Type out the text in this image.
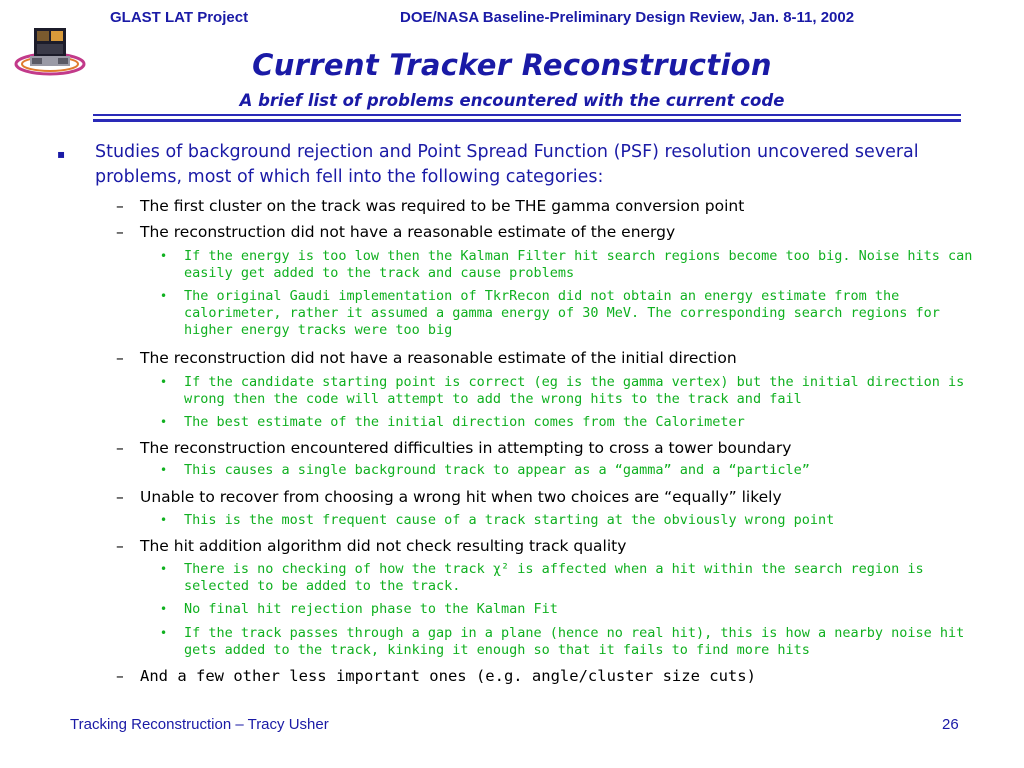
GLAST LAT Project	DOE/NASA Baseline-Preliminary Design Review, Jan. 8-11, 2002
Current Tracker Reconstruction
A brief list of problems encountered with the current code
▪ Studies of background rejection and Point Spread Function (PSF) resolution uncovered several problems, most of which fell into the following categories:
– The first cluster on the track was required to be THE gamma conversion point
– The reconstruction did not have a reasonable estimate of the energy
• If the energy is too low then the Kalman Filter hit search regions become too big. Noise hits can easily get added to the track and cause problems
• The original Gaudi implementation of TkrRecon did not obtain an energy estimate from the calorimeter, rather it assumed a gamma energy of 30 MeV. The corresponding search regions for higher energy tracks were too big
– The reconstruction did not have a reasonable estimate of the initial direction
• If the candidate starting point is correct (eg is the gamma vertex) but the initial direction is wrong then the code will attempt to add the wrong hits to the track and fail
• The best estimate of the initial direction comes from the Calorimeter
– The reconstruction encountered difficulties in attempting to cross a tower boundary
• This causes a single background track to appear as a “gamma” and a “particle”
– Unable to recover from choosing a wrong hit when two choices are “equally” likely
• This is the most frequent cause of a track starting at the obviously wrong point
– The hit addition algorithm did not check resulting track quality
• There is no checking of how the track χ² is affected when a hit within the search region is selected to be added to the track.
• No final hit rejection phase to the Kalman Fit
• If the track passes through a gap in a plane (hence no real hit), this is how a nearby noise hit gets added to the track, kinking it enough so that it fails to find more hits
– And a few other less important ones (e.g. angle/cluster size cuts)
Tracking Reconstruction – Tracy Usher	26
